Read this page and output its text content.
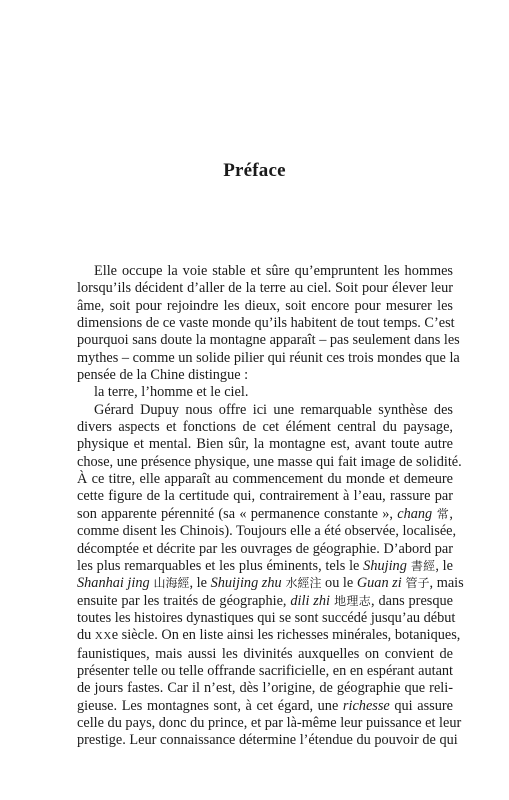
Préface
Elle occupe la voie stable et sûre qu’empruntent les hommes
lorsqu’ils décident d’aller de la terre au ciel. Soit pour élever leur
âme, soit pour rejoindre les dieux, soit encore pour mesurer les
dimensions de ce vaste monde qu’ils habitent de tout temps. C’est
pourquoi sans doute la montagne apparaît – pas seulement dans les
mythes – comme un solide pilier qui réunit ces trois mondes que la
pensée de la Chine distingue :
la terre, l’homme et le ciel.
Gérard Dupuy nous offre ici une remarquable synthèse des
divers aspects et fonctions de cet élément central du paysage,
physique et mental. Bien sûr, la montagne est, avant toute autre
chose, une présence physique, une masse qui fait image de solidité.
À ce titre, elle apparaît au commencement du monde et demeure
cette figure de la certitude qui, contrairement à l’eau, rassure par
son apparente pérennité (sa « permanence constante », chang 常,
comme disent les Chinois). Toujours elle a été observée, localisée,
décomptée et décrite par les ouvrages de géographie. D’abord par
les plus remarquables et les plus éminents, tels le Shujing 書經, le
Shanhai jing 山海經, le Shuijing zhu 水經注 ou le Guan zi 管子, mais
ensuite par les traités de géographie, dili zhi 地理志, dans presque
toutes les histoires dynastiques qui se sont succédé jusqu’au début
du XXe siècle. On en liste ainsi les richesses minérales, botaniques,
faunistiques, mais aussi les divinités auxquelles on convient de
présenter telle ou telle offrande sacrificielle, en en espérant autant
de jours fastes. Car il n’est, dès l’origine, de géographie que reli-
gieuse. Les montagnes sont, à cet égard, une richesse qui assure
celle du pays, donc du prince, et par là-même leur puissance et leur
prestige. Leur connaissance détermine l’étendue du pouvoir de qui
